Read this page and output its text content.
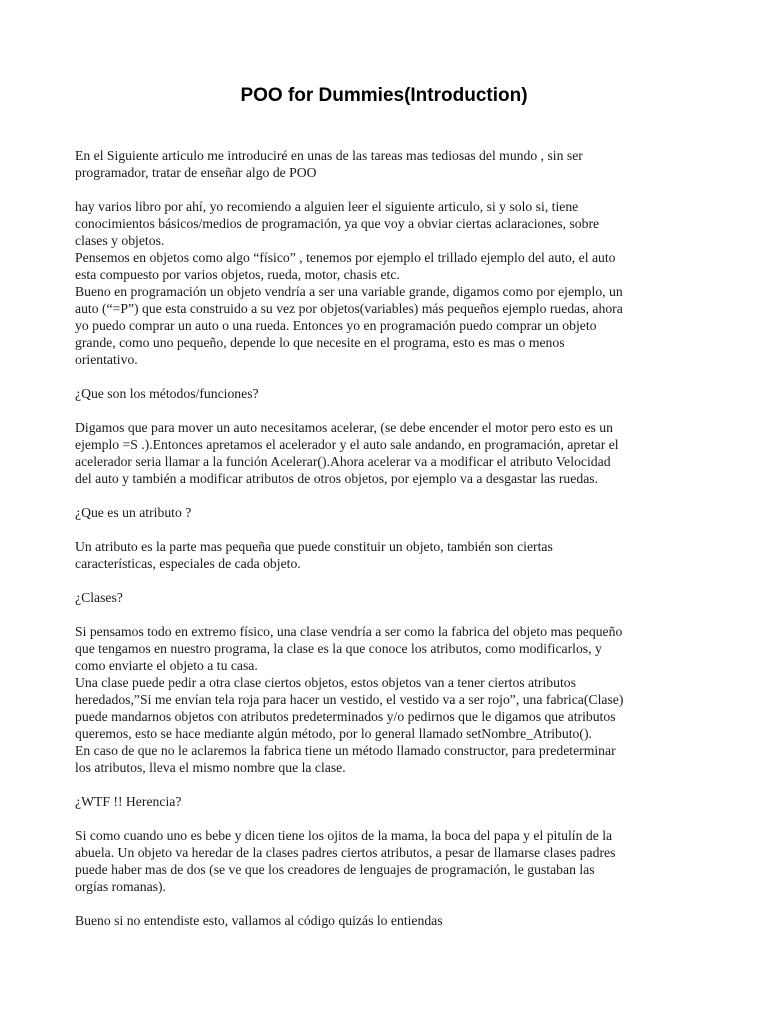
POO for Dummies(Introduction)
En el Siguiente articulo me introduciré en unas de las tareas mas tediosas del mundo , sin ser
programador, tratar de enseñar algo de POO
hay varios libro por ahí, yo recomiendo a alguien leer el siguiente articulo, si y solo si, tiene
conocimientos básicos/medios de programación, ya que voy a obviar ciertas aclaraciones, sobre
clases y objetos.
Pensemos en objetos como algo “físico” , tenemos por ejemplo el trillado ejemplo del auto, el auto
esta compuesto por varios objetos, rueda, motor, chasis etc.
Bueno en programación un objeto vendría a ser una variable grande, digamos como por ejemplo, un
auto (“=P”) que esta construido a su vez por objetos(variables) más pequeños ejemplo ruedas, ahora
yo puedo comprar un auto o una rueda. Entonces yo en programación puedo comprar un objeto
grande, como uno pequeño, depende lo que necesite en el programa, esto es mas o menos
orientativo.
¿Que son los métodos/funciones?
Digamos que para mover un auto necesitamos acelerar, (se debe encender el motor pero esto es un
ejemplo =S .).Entonces apretamos el acelerador y el auto sale andando, en programación, apretar el
acelerador seria llamar a la función Acelerar().Ahora acelerar va a modificar el atributo Velocidad
del auto y también a modificar atributos de otros objetos, por ejemplo va a desgastar las ruedas.
¿Que es un atributo ?
Un atributo es la parte mas pequeña que puede constituir un objeto, también son ciertas
características, especiales de cada objeto.
¿Clases?
Si pensamos todo en extremo físico, una clase vendría a ser como la fabrica del objeto mas pequeño
que tengamos en nuestro programa, la clase es la que conoce los atributos, como modificarlos, y
como enviarte el objeto a tu casa.
Una clase puede pedir a otra clase ciertos objetos, estos objetos van a tener ciertos atributos
heredados,”Si me envían tela roja para hacer un vestido, el vestido va a ser rojo”, una fabrica(Clase)
puede mandarnos objetos con atributos predeterminados y/o pedirnos que le digamos que atributos
queremos, esto se hace mediante algún método, por lo general llamado setNombre_Atributo().
En caso de que no le aclaremos la fabrica tiene un método llamado constructor, para predeterminar
los atributos, lleva el mismo nombre que la clase.
¿WTF !! Herencia?
Si como cuando uno es bebe y dicen tiene los ojitos de la mama, la boca del papa y el pitulín de la
abuela. Un objeto va heredar de la clases padres ciertos atributos, a pesar de llamarse clases padres
puede haber mas de dos (se ve que los creadores de lenguajes de programación, le gustaban las
orgías romanas).
Bueno si no entendiste esto, vallamos al código quizás lo entiendas
